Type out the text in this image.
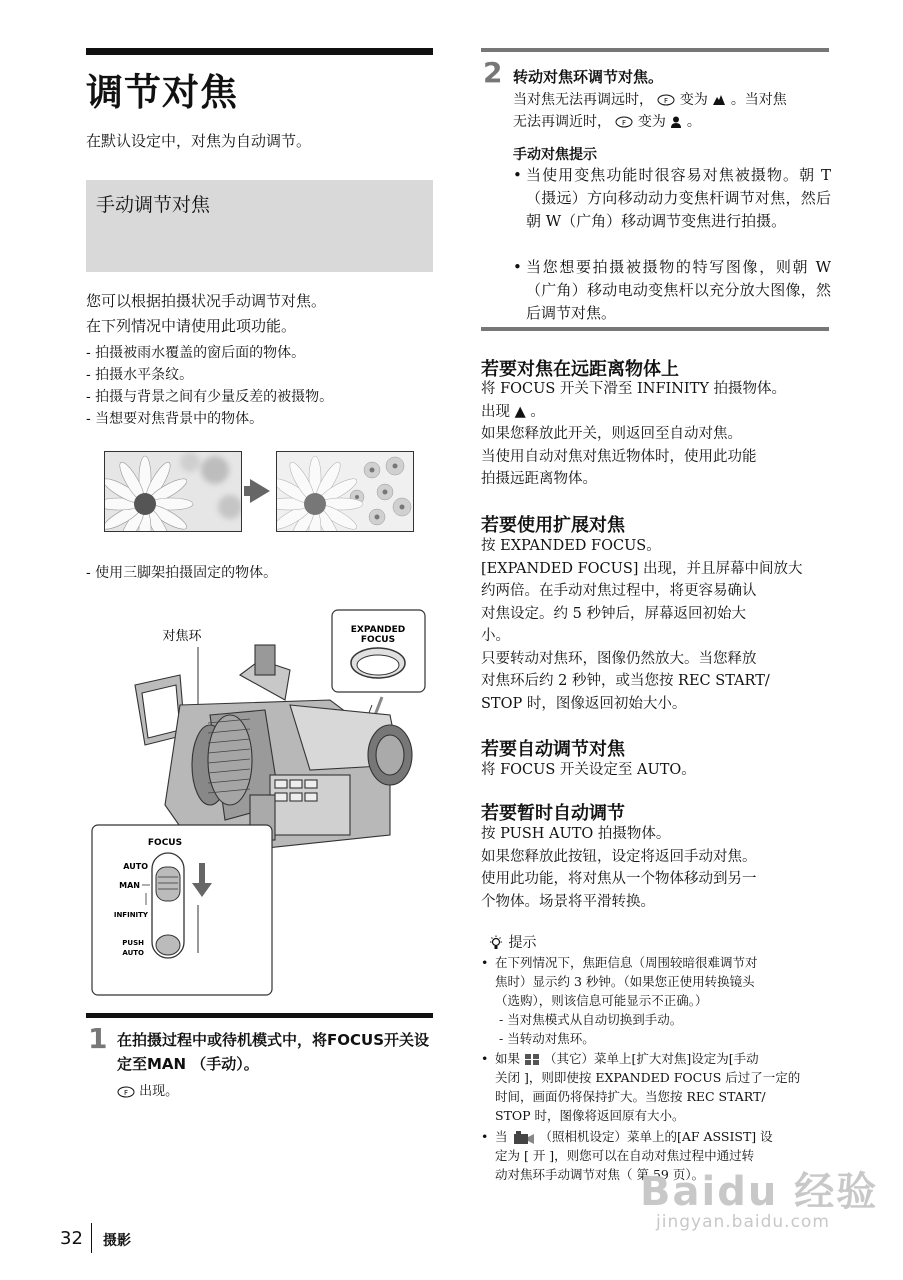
调节对焦
在默认设定中，对焦为自动调节。
手动调节对焦
您可以根据拍摄状况手动调节对焦。
在下列情况中请使用此项功能。
- 拍摄被雨水覆盖的窗后面的物体。
- 拍摄水平条纹。
- 拍摄与背景之间有少量反差的被摄物。
- 当想要对焦背景中的物体。
- 使用三脚架拍摄固定的物体。
EXPANDED
FOCUS
对焦环
FOCUS
AUTO
MAN
INFINITY
PUSH
AUTO
1 在拍摄过程中或待机模式中，将FOCUS开关设定至MAN （手动）。
F 出现。
32 摄影
2 转动对焦环调节对焦。
当对焦无法再调远时， F 变为 。当对焦
无法再调近时， F 变为 。
手动对焦提示
• 当使用变焦功能时很容易对焦被摄物。朝 T（摄远）方向移动动力变焦杆调节对焦，然后朝 W（广角）移动调节变焦进行拍摄。
• 当您想要拍摄被摄物的特写图像，则朝 W（广角）移动电动变焦杆以充分放大图像，然后调节对焦。
若要对焦在远距离物体上
将 FOCUS 开关下滑至 INFINITY 拍摄物体。
出现 ▲ 。
如果您释放此开关，则返回至自动对焦。
当使用自动对焦对焦近物体时，使用此功能
拍摄远距离物体。
若要使用扩展对焦
按 EXPANDED FOCUS。
[EXPANDED FOCUS] 出现，并且屏幕中间放大
约两倍。在手动对焦过程中，将更容易确认
对焦设定。约 5 秒钟后，屏幕返回初始大
小。
只要转动对焦环，图像仍然放大。当您释放
对焦环后约 2 秒钟，或当您按 REC START/
STOP 时，图像返回初始大小。
若要自动调节对焦
将 FOCUS 开关设定至 AUTO。
若要暂时自动调节
按 PUSH AUTO 拍摄物体。
如果您释放此按钮，设定将返回手动对焦。
使用此功能，将对焦从一个物体移动到另一
个物体。场景将平滑转换。
提示
• 在下列情况下，焦距信息（周围较暗很难调节对
焦时）显示约 3 秒钟。（如果您正使用转换镜头
（选购），则该信息可能显示不正确。）
- 当对焦模式从自动切换到手动。
- 当转动对焦环。
• 如果 （其它）菜单上[扩大对焦]设定为[手动
关闭 ]，则即使按 EXPANDED FOCUS 后过了一定的
时间，画面仍将保持扩大。当您按 REC START/
STOP 时，图像将返回原有大小。
• 当	（照相机设定）菜单上的[AF ASSIST] 设
定为 [ 开 ]，则您可以在自动对焦过程中通过转
动对焦环手动调节对焦（ 第 59 页）。
Baidu 经验
jingyan.baidu.com
